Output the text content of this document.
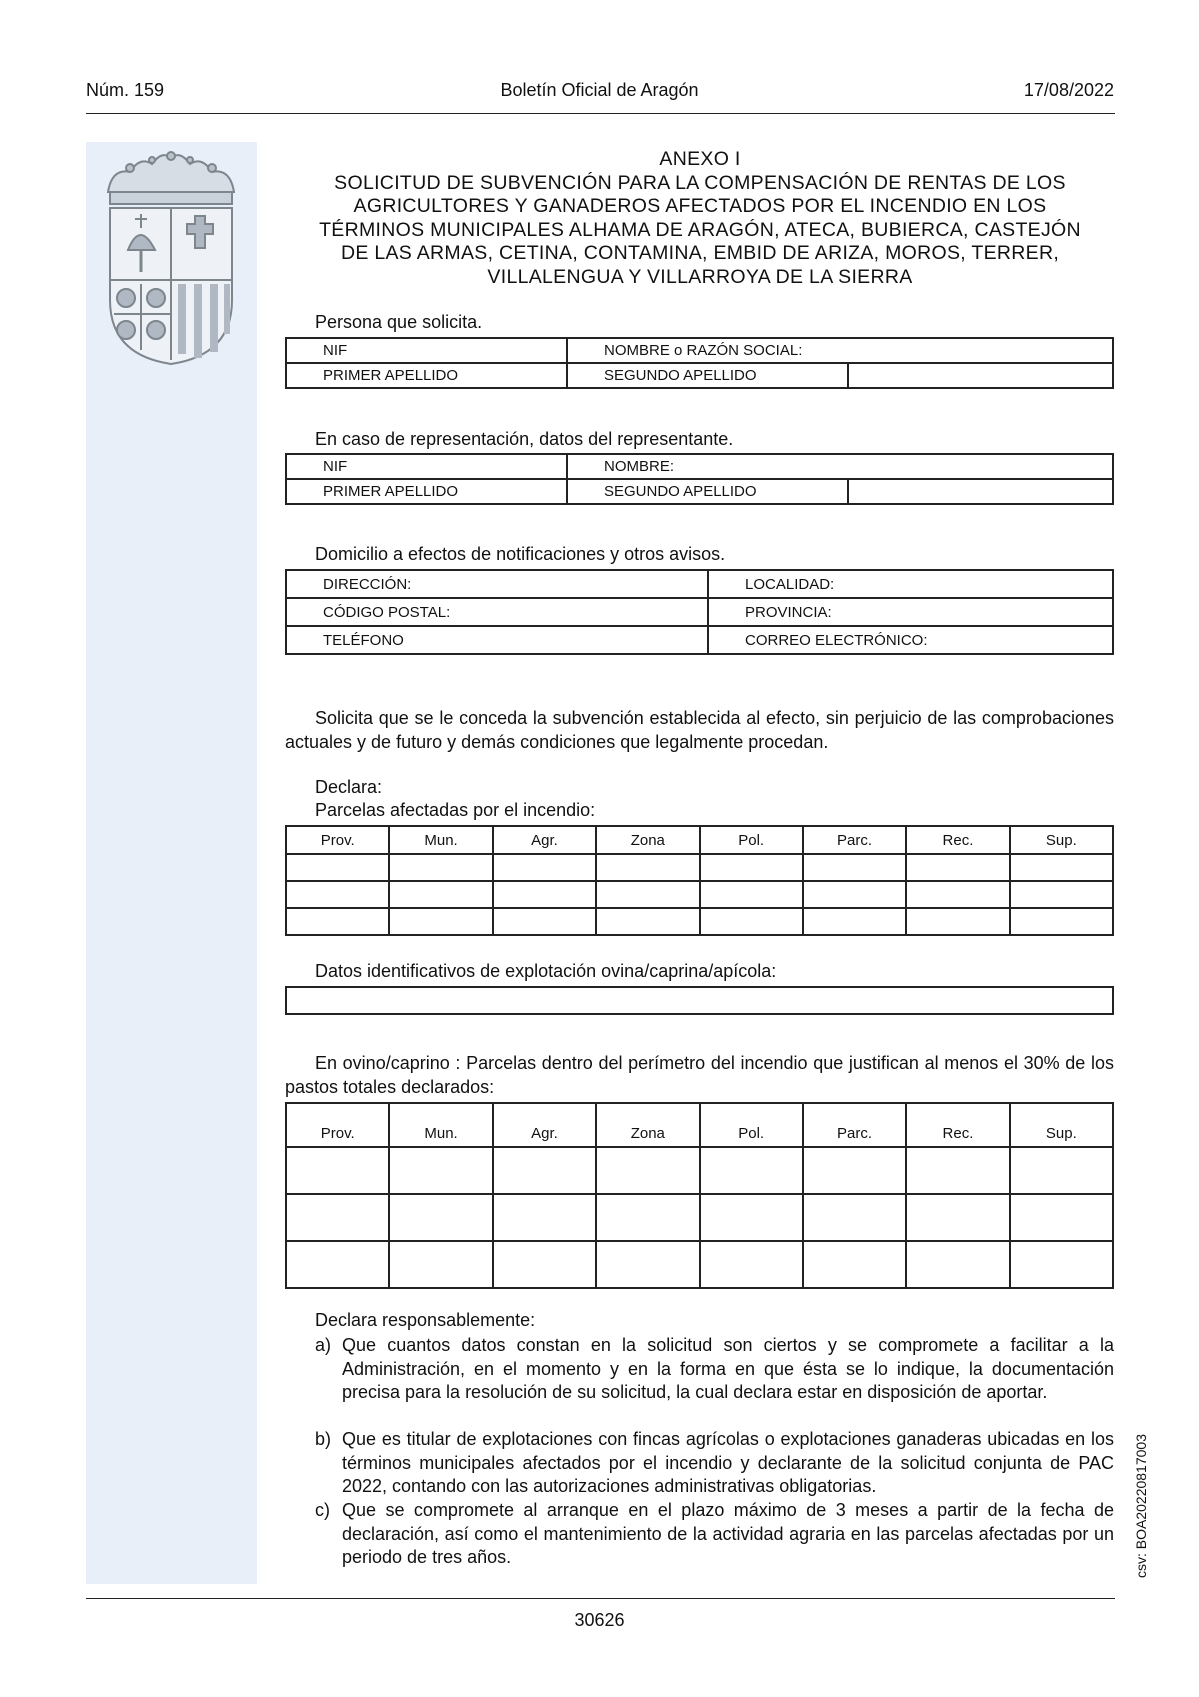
Núm. 159	Boletín Oficial de Aragón	17/08/2022
ANEXO I
SOLICITUD DE SUBVENCIÓN PARA LA COMPENSACIÓN DE RENTAS DE LOS
AGRICULTORES Y GANADEROS AFECTADOS POR EL INCENDIO EN LOS
TÉRMINOS MUNICIPALES ALHAMA DE ARAGÓN, ATECA, BUBIERCA, CASTEJÓN
DE LAS ARMAS, CETINA, CONTAMINA, EMBID DE ARIZA, MOROS, TERRER,
VILLALENGUA Y VILLARROYA DE LA SIERRA
Persona que solicita.
NIF	NOMBRE o RAZÓN SOCIAL:	
PRIMER APELLIDO	SEGUNDO APELLIDO	
En caso de representación, datos del representante.
NIF	NOMBRE:	
PRIMER APELLIDO	SEGUNDO APELLIDO	
Domicilio a efectos de notificaciones y otros avisos.
DIRECCIÓN:	LOCALIDAD:
CÓDIGO POSTAL:	PROVINCIA:
TELÉFONO	CORREO ELECTRÓNICO:
Solicita que se le conceda la subvención establecida al efecto, sin perjuicio de las comprobaciones actuales y de futuro y demás condiciones que legalmente procedan.
Declara:
Parcelas afectadas por el incendio:
Prov.	Mun.	Agr.	Zona	Pol.	Parc.	Rec.	Sup.

Datos identificativos de explotación ovina/caprina/apícola:
En ovino/caprino : Parcelas dentro del perímetro del incendio que justifican al menos el 30% de los pastos totales declarados:
Prov.	Mun.	Agr.	Zona	Pol.	Parc.	Rec.	Sup.

Declara responsablemente:
a) Que cuantos datos constan en la solicitud son ciertos y se compromete a facilitar a la Administración, en el momento y en la forma en que ésta se lo indique, la documentación precisa para la resolución de su solicitud, la cual declara estar en disposición de aportar.
b) Que es titular de explotaciones con fincas agrícolas o explotaciones ganaderas ubicadas en los términos municipales afectados por el incendio y declarante de la solicitud conjunta de PAC 2022, contando con las autorizaciones administrativas obligatorias.
c) Que se compromete al arranque en el plazo máximo de 3 meses a partir de la fecha de declaración, así como el mantenimiento de la actividad agraria en las parcelas afectadas por un periodo de tres años.	csv: BOA20220817003
30626
